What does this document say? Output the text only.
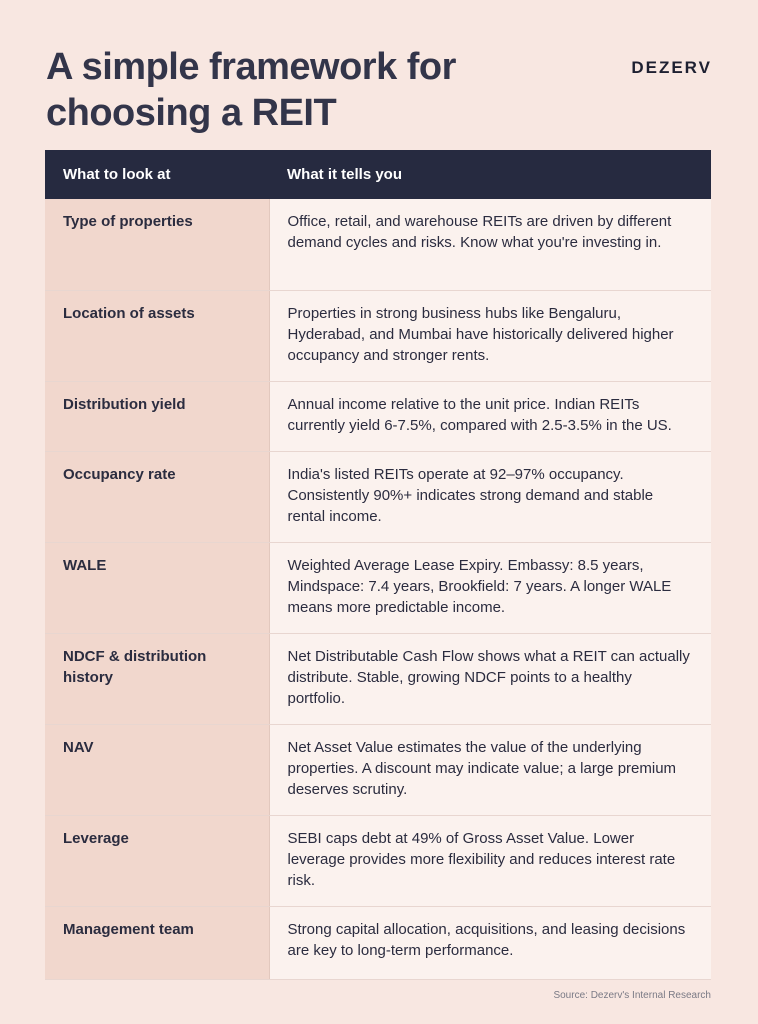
A simple framework for choosing a REIT
DEZERV
What to look at	What it tells you
Type of properties	Office, retail, and warehouse REITs are driven by different demand cycles and risks. Know what you're investing in.
Location of assets	Properties in strong business hubs like Bengaluru, Hyderabad, and Mumbai have historically delivered higher occupancy and stronger rents.
Distribution yield	Annual income relative to the unit price. Indian REITs currently yield 6-7.5%, compared with 2.5-3.5% in the US.
Occupancy rate	India's listed REITs operate at 92–97% occupancy. Consistently 90%+ indicates strong demand and stable rental income.
WALE	Weighted Average Lease Expiry. Embassy: 8.5 years, Mindspace: 7.4 years, Brookfield: 7 years. A longer WALE means more predictable income.
NDCF & distribution history	Net Distributable Cash Flow shows what a REIT can actually distribute. Stable, growing NDCF points to a healthy portfolio.
NAV	Net Asset Value estimates the value of the underlying properties. A discount may indicate value; a large premium deserves scrutiny.
Leverage	SEBI caps debt at 49% of Gross Asset Value. Lower leverage provides more flexibility and reduces interest rate risk.
Management team	Strong capital allocation, acquisitions, and leasing decisions are key to long-term performance.
Source: Dezerv's Internal Research
